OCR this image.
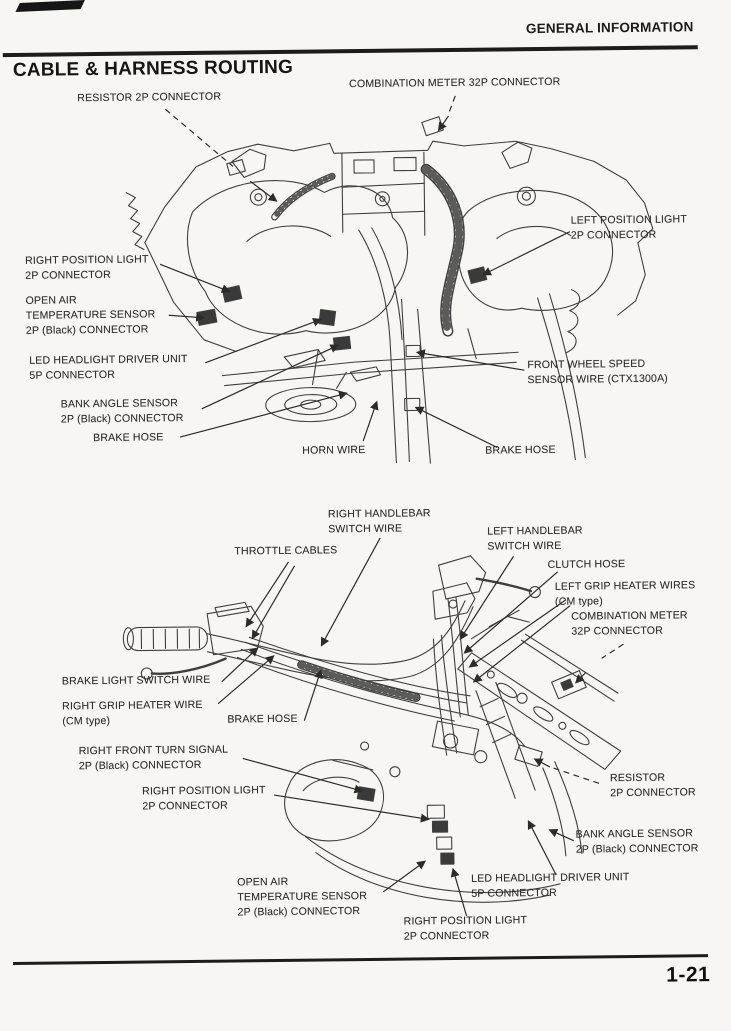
GENERAL INFORMATION
CABLE & HARNESS ROUTING
1-21
RESISTOR 2P CONNECTOR
COMBINATION METER 32P CONNECTOR
LEFT POSITION LIGHT
2P CONNECTOR
RIGHT POSITION LIGHT
2P CONNECTOR
OPEN AIR
TEMPERATURE SENSOR
2P (Black) CONNECTOR
LED HEADLIGHT DRIVER UNIT
5P CONNECTOR
BANK ANGLE SENSOR
2P (Black) CONNECTOR
BRAKE HOSE
HORN WIRE	BRAKE HOSE
FRONT WHEEL SPEED
SENSOR WIRE (CTX1300A)
RIGHT HANDLEBAR
SWITCH WIRE
THROTTLE CABLES
LEFT HANDLEBAR
SWITCH WIRE
CLUTCH HOSE
LEFT GRIP HEATER WIRES
(CM type)
COMBINATION METER
32P CONNECTOR
BRAKE LIGHT SWITCH WIRE
RIGHT GRIP HEATER WIRE
(CM type)	BRAKE HOSE
RIGHT FRONT TURN SIGNAL
2P (Black) CONNECTOR
RIGHT POSITION LIGHT
2P CONNECTOR
RESISTOR
2P CONNECTOR
BANK ANGLE SENSOR
2P (Black) CONNECTOR
LED HEADLIGHT DRIVER UNIT
5P CONNECTOR
OPEN AIR
TEMPERATURE SENSOR
2P (Black) CONNECTOR
RIGHT POSITION LIGHT
2P CONNECTOR
